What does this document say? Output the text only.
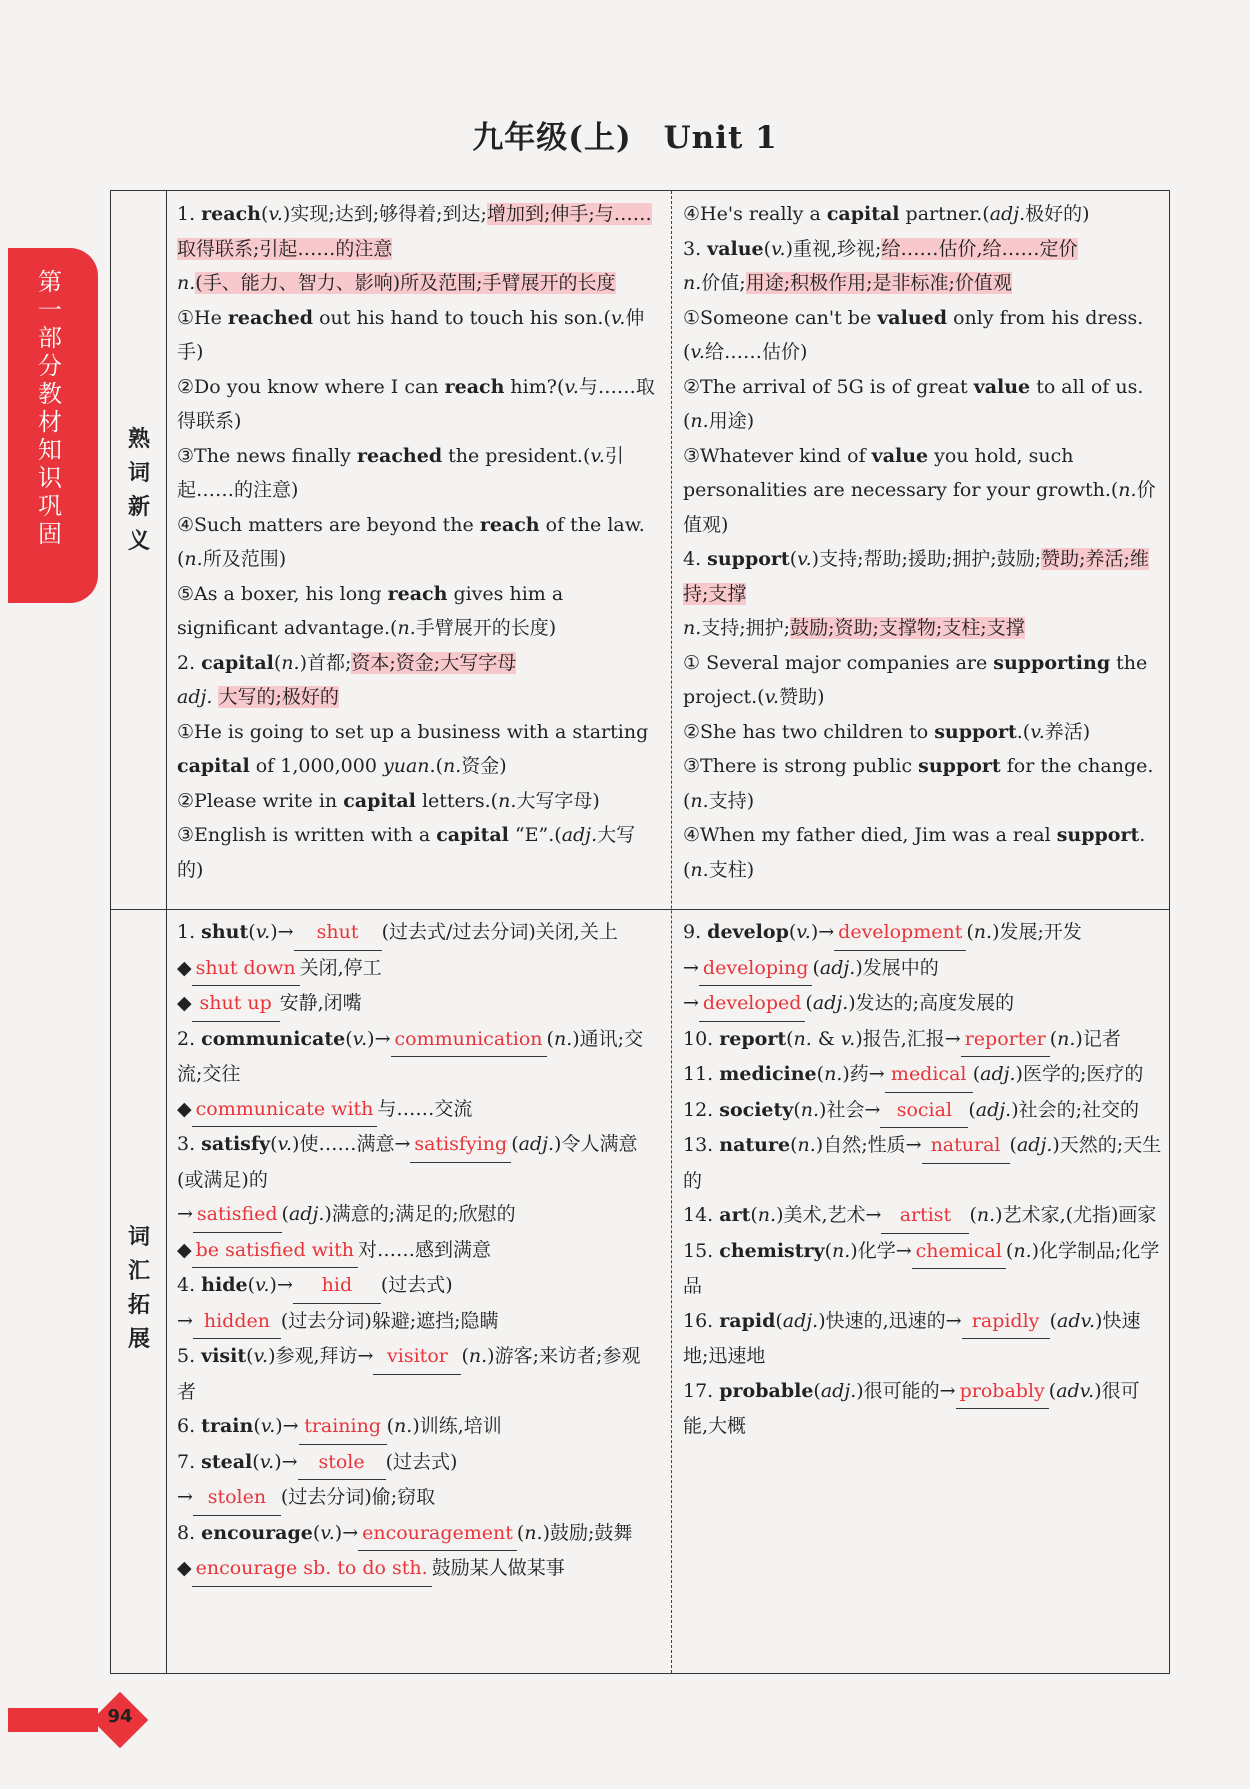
九年级(上)　Unit 1
第一部分 教材知识巩固
熟词新义
词汇拓展

1. reach(v.)实现;达到;够得着;到达;增加到;伸手;与……取得联系;引起……的注意

n.(手、能力、智力、影响)所及范围;手臂展开的长度

①He reached out his hand to touch his son.(v.伸手)

②Do you know where I can reach him?(v.与……取得联系)

③The news finally reached the president.(v.引起……的注意)

④Such matters are beyond the reach of the law.(n.所及范围)

⑤As a boxer, his long reach gives him a significant advantage.(n.手臂展开的长度)

2. capital(n.)首都;资本;资金;大写字母

adj. 大写的;极好的

①He is going to set up a business with a starting capital of 1,000,000 yuan.(n.资金)

②Please write in capital letters.(n.大写字母)

③English is written with a capital “E”.(adj.大写的)

④He's really a capital partner.(adj.极好的)

3. value(v.)重视,珍视;给……估价,给……定价

n.价值;用途;积极作用;是非标准;价值观

①Someone can't be valued only from his dress.(v.给……估价)

②The arrival of 5G is of great value to all of us.(n.用途)

③Whatever kind of value you hold, such personalities are necessary for your growth.(n.价值观)

4. support(v.)支持;帮助;援助;拥护;鼓励;赞助;养活;维持;支撑

n.支持;拥护;鼓励;资助;支撑物;支柱;支撑

① Several major companies are supporting the project.(v.赞助)

②She has two children to support.(v.养活)

③There is strong public support for the change.(n.支持)

④When my father died, Jim was a real support.(n.支柱)

1. shut(v.)→ shut (过去式/过去分词)关闭,关上

◆ shut down 关闭,停工

◆ shut up 安静,闭嘴

2. communicate(v.)→ communication (n.)通讯;交流;交往

◆ communicate with 与……交流

3. satisfy(v.)使……满意→ satisfying (adj.)令人满意(或满足)的

→ satisfied (adj.)满意的;满足的;欣慰的

◆ be satisfied with 对……感到满意

4. hide(v.)→ hid (过去式)

→ hidden (过去分词)躲避;遮挡;隐瞒

5. visit(v.)参观,拜访→ visitor (n.)游客;来访者;参观者

6. train(v.)→ training (n.)训练,培训

7. steal(v.)→ stole (过去式)

→ stolen (过去分词)偷;窃取

8. encourage(v.)→ encouragement (n.)鼓励;鼓舞

◆ encourage sb. to do sth. 鼓励某人做某事

9. develop(v.)→ development (n.)发展;开发

→ developing (adj.)发展中的

→ developed (adj.)发达的;高度发展的

10. report(n. & v.)报告,汇报→ reporter (n.)记者

11. medicine(n.)药→ medical (adj.)医学的;医疗的

12. society(n.)社会→ social (adj.)社会的;社交的

13. nature(n.)自然;性质→ natural (adj.)天然的;天生的

14. art(n.)美术,艺术→ artist (n.)艺术家,(尤指)画家

15. chemistry(n.)化学→ chemical (n.)化学制品;化学品

16. rapid(adj.)快速的,迅速的→ rapidly (adv.)快速地;迅速地

17. probable(adj.)很可能的→ probably (adv.)很可能,大概

94
